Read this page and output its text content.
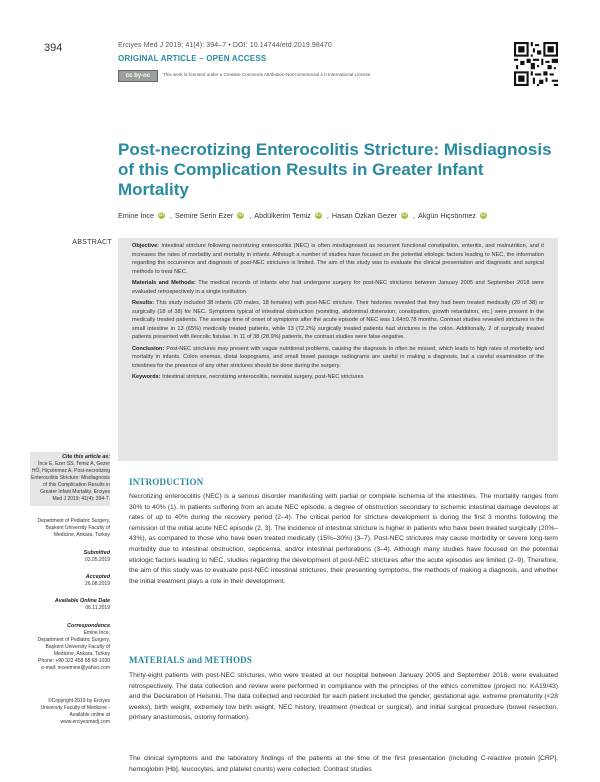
394	Erciyes Med J 2019; 41(4): 394–7 • DOI: 10.14744/etd.2019.98470
ORIGINAL ARTICLE – OPEN ACCESS
cc by-nc	This work is licensed under a Creative Commons Attribution-NonCommercial 4.0 International License.
Post-necrotizing Enterocolitis Stricture: Misdiagnosis of this Complication Results in Greater Infant Mortality
Emine İnce iD , Semire Serin Ezer iD , Abdülkerim Temiz iD , Hasan Özkan Gezer iD , Akgün Hiçsönmez iD
ABSTRACT	Objective: Intestinal stricture following necrotizing enterocolitis (NEC) is often misdiagnosed as recurrent functional constipation, enteritis, and malnutrition, and it increases the rates of morbidity and mortality in infants. Although a number of studies have focused on the potential etiologic factors leading to NEC, the information regarding the occurrence and diagnosis of post-NEC strictures is limited. The aim of this study was to evaluate the clinical presentation and diagnostic and surgical methods to treat NEC.

Materials and Methods: The medical records of infants who had undergone surgery for post-NEC strictures between January 2005 and September 2018 were evaluated retrospectively in a single institution.

Results: This study included 38 infants (20 males, 18 females) with post-NEC stricture. Their histories revealed that they had been treated medically (20 of 38) or surgically (18 of 38) for NEC. Symptoms typical of intestinal obstruction (vomiting, abdominal distension, constipation, growth retardation, etc.) were present in the medically treated patients. The average time of onset of symptoms after the acute episode of NEC was 1.64±0.78 months. Contrast studies revealed strictures in the small intestine in 13 (65%) medically treated patients, while 13 (72.2%) surgically treated patients had strictures in the colon. Additionally, 2 of surgically treated patients presented with ileocolic fistulae. In 11 of 38 (28.9%) patients, the contrast studies were false-negative.

Conclusion: Post-NEC strictures may present with vague nutritional problems, causing the diagnosis to often be missed, which leads to high rates of morbidity and mortality in infants. Colon enemas, distal loopograms, and small bowel passage radiograms are useful in making a diagnosis, but a careful examination of the intestines for the presence of any other strictures should be done during the surgery.

Keywords: Intestinal stricture, necrotizing enterocolitis, neonatal surgery, post-NEC strictures

Cite this article as:
İnce E, Ezer SS, Temiz A, Gezer HÖ, Hiçsönmez A. Post-necrotizing Enterocolitis Stricture: Misdiagnosis of this Complication Results in Greater Infant Mortality. Erciyes Med J 2019; 41(4): 394-7.
Department of Pediatric Surgery, Başkent University Faculty of Medicine, Ankara, Turkey
Submitted
03.05.2019
Accepted
26.08.2019
Available Online Date
06.11.2019
Correspondence
Emine İnce,
Department of Pediatric Surgery, Başkent University Faculty of Medicine, Ankara, Turkey
Phone: +90 322 458 68 68-1030
e-mail: inceemine@yahoo.com
©Copyright 2019 by Erciyes University Faculty of Medicine - Available online at www.erciyesmedj.com
INTRODUCTION
Necrotizing enterocolitis (NEC) is a serious disorder manifesting with partial or complete ischemia of the intestines. The mortality ranges from 30% to 40% (1). In patients suffering from an acute NEC episode, a degree of obstruction secondary to ischemic intestinal damage develops at rates of up to 40% during the recovery period (2–4). The critical period for stricture development is during the first 3 months following the remission of the initial acute NEC episode (2, 3). The incidence of intestinal stricture is higher in patients who have been treated surgically (20%–43%), as compared to those who have been treated medically (15%–30%) (3–7). Post-NEC strictures may cause morbidity or severe long-term morbidity due to intestinal obstruction, septicemia, and/or intestinal perforations (3–4). Although many studies have focused on the potential etiologic factors leading to NEC, studies regarding the development of post-NEC strictures after the acute episodes are limited (2–9). Therefore, the aim of this study was to evaluate post-NEC intestinal strictures, their presenting symptoms, the methods of making a diagnosis, and whether the initial treatment plays a role in their development.
MATERIALS and METHODS
Thirty-eight patients with post-NEC strictures, who were treated at our hospital between January 2005 and September 2018, were evaluated retrospectively. The data collection and review were performed in compliance with the principles of the ethics committee (project no: KA19/43) and the Declaration of Helsinki. The data collected and recorded for each patient included the gender, gestational age, extreme prematurity (<28 weeks), birth weight, extremely low birth weight, NEC history, treatment (medical or surgical), and initial surgical procedure (bowel resection, primary anastomosis, ostomy formation).
The clinical symptoms and the laboratory findings of the patients at the time of the first presentation (including C-reactive protein [CRP], hemoglobin [Hb], leucocytes, and platelet counts) were collected. Contrast studies
